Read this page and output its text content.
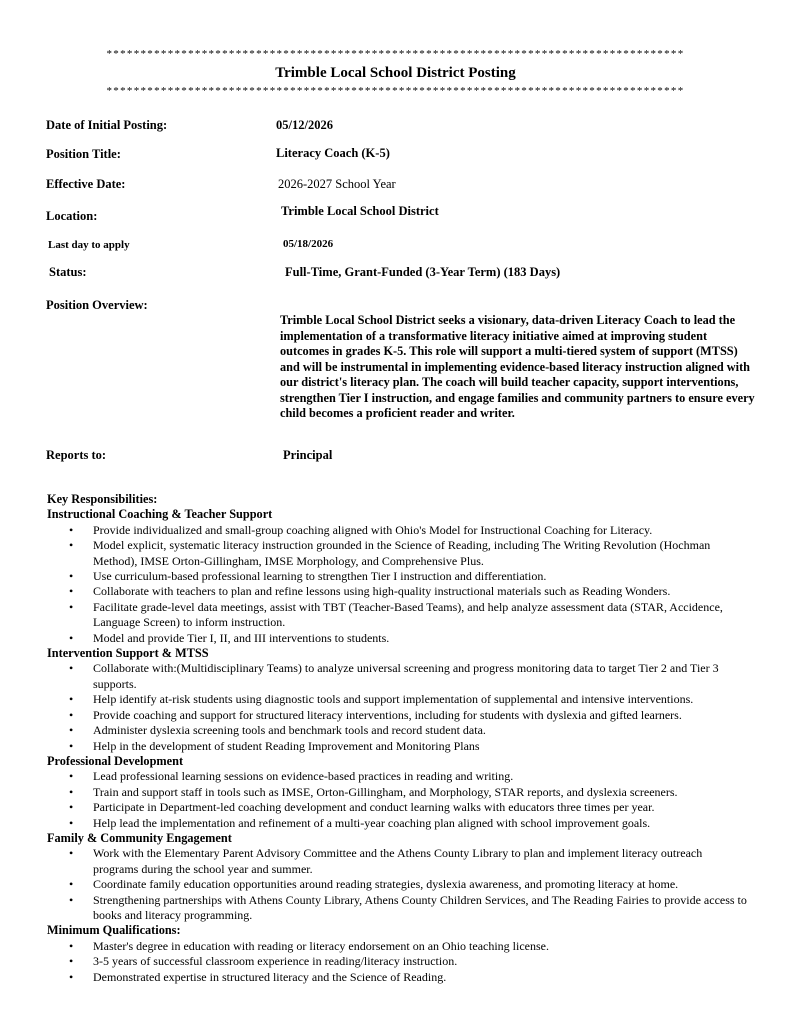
*************************************************************************************
Trimble Local School District Posting
*************************************************************************************
Date of Initial Posting:	05/12/2026
Position Title:	Literacy Coach (K-5)
Effective Date:	2026-2027 School Year
Location:	Trimble Local School District
Last day to apply	05/18/2026
Status:	Full-Time, Grant-Funded (3-Year Term) (183 Days)
Position Overview:
Trimble Local School District seeks a visionary, data-driven Literacy Coach to lead the implementation of a transformative literacy initiative aimed at improving student outcomes in grades K-5. This role will support a multi-tiered system of support (MTSS) and will be instrumental in implementing evidence-based literacy instruction aligned with our district's literacy plan. The coach will build teacher capacity, support interventions, strengthen Tier I instruction, and engage families and community partners to ensure every child becomes a proficient reader and writer.
Reports to:	Principal
Key Responsibilities:
Instructional Coaching & Teacher Support
• Provide individualized and small-group coaching aligned with Ohio's Model for Instructional Coaching for Literacy.
• Model explicit, systematic literacy instruction grounded in the Science of Reading, including The Writing Revolution (Hochman Method), IMSE Orton-Gillingham, IMSE Morphology, and Comprehensive Plus.
• Use curriculum-based professional learning to strengthen Tier I instruction and differentiation.
• Collaborate with teachers to plan and refine lessons using high-quality instructional materials such as Reading Wonders.
• Facilitate grade-level data meetings, assist with TBT (Teacher-Based Teams), and help analyze assessment data (STAR, Accidence, Language Screen) to inform instruction.
• Model and provide Tier I, II, and III interventions to students.
Intervention Support & MTSS
• Collaborate with:(Multidisciplinary Teams) to analyze universal screening and progress monitoring data to target Tier 2 and Tier 3 supports.
• Help identify at-risk students using diagnostic tools and support implementation of supplemental and intensive interventions.
• Provide coaching and support for structured literacy interventions, including for students with dyslexia and gifted learners.
• Administer dyslexia screening tools and benchmark tools and record student data.
• Help in the development of student Reading Improvement and Monitoring Plans
Professional Development
• Lead professional learning sessions on evidence-based practices in reading and writing.
• Train and support staff in tools such as IMSE, Orton-Gillingham, and Morphology, STAR reports, and dyslexia screeners.
• Participate in Department-led coaching development and conduct learning walks with educators three times per year.
• Help lead the implementation and refinement of a multi-year coaching plan aligned with school improvement goals.
Family & Community Engagement
• Work with the Elementary Parent Advisory Committee and the Athens County Library to plan and implement literacy outreach programs during the school year and summer.
• Coordinate family education opportunities around reading strategies, dyslexia awareness, and promoting literacy at home.
• Strengthening partnerships with Athens County Library, Athens County Children Services, and The Reading Fairies to provide access to books and literacy programming.
Minimum Qualifications:
• Master's degree in education with reading or literacy endorsement on an Ohio teaching license.
• 3-5 years of successful classroom experience in reading/literacy instruction.
• Demonstrated expertise in structured literacy and the Science of Reading.
